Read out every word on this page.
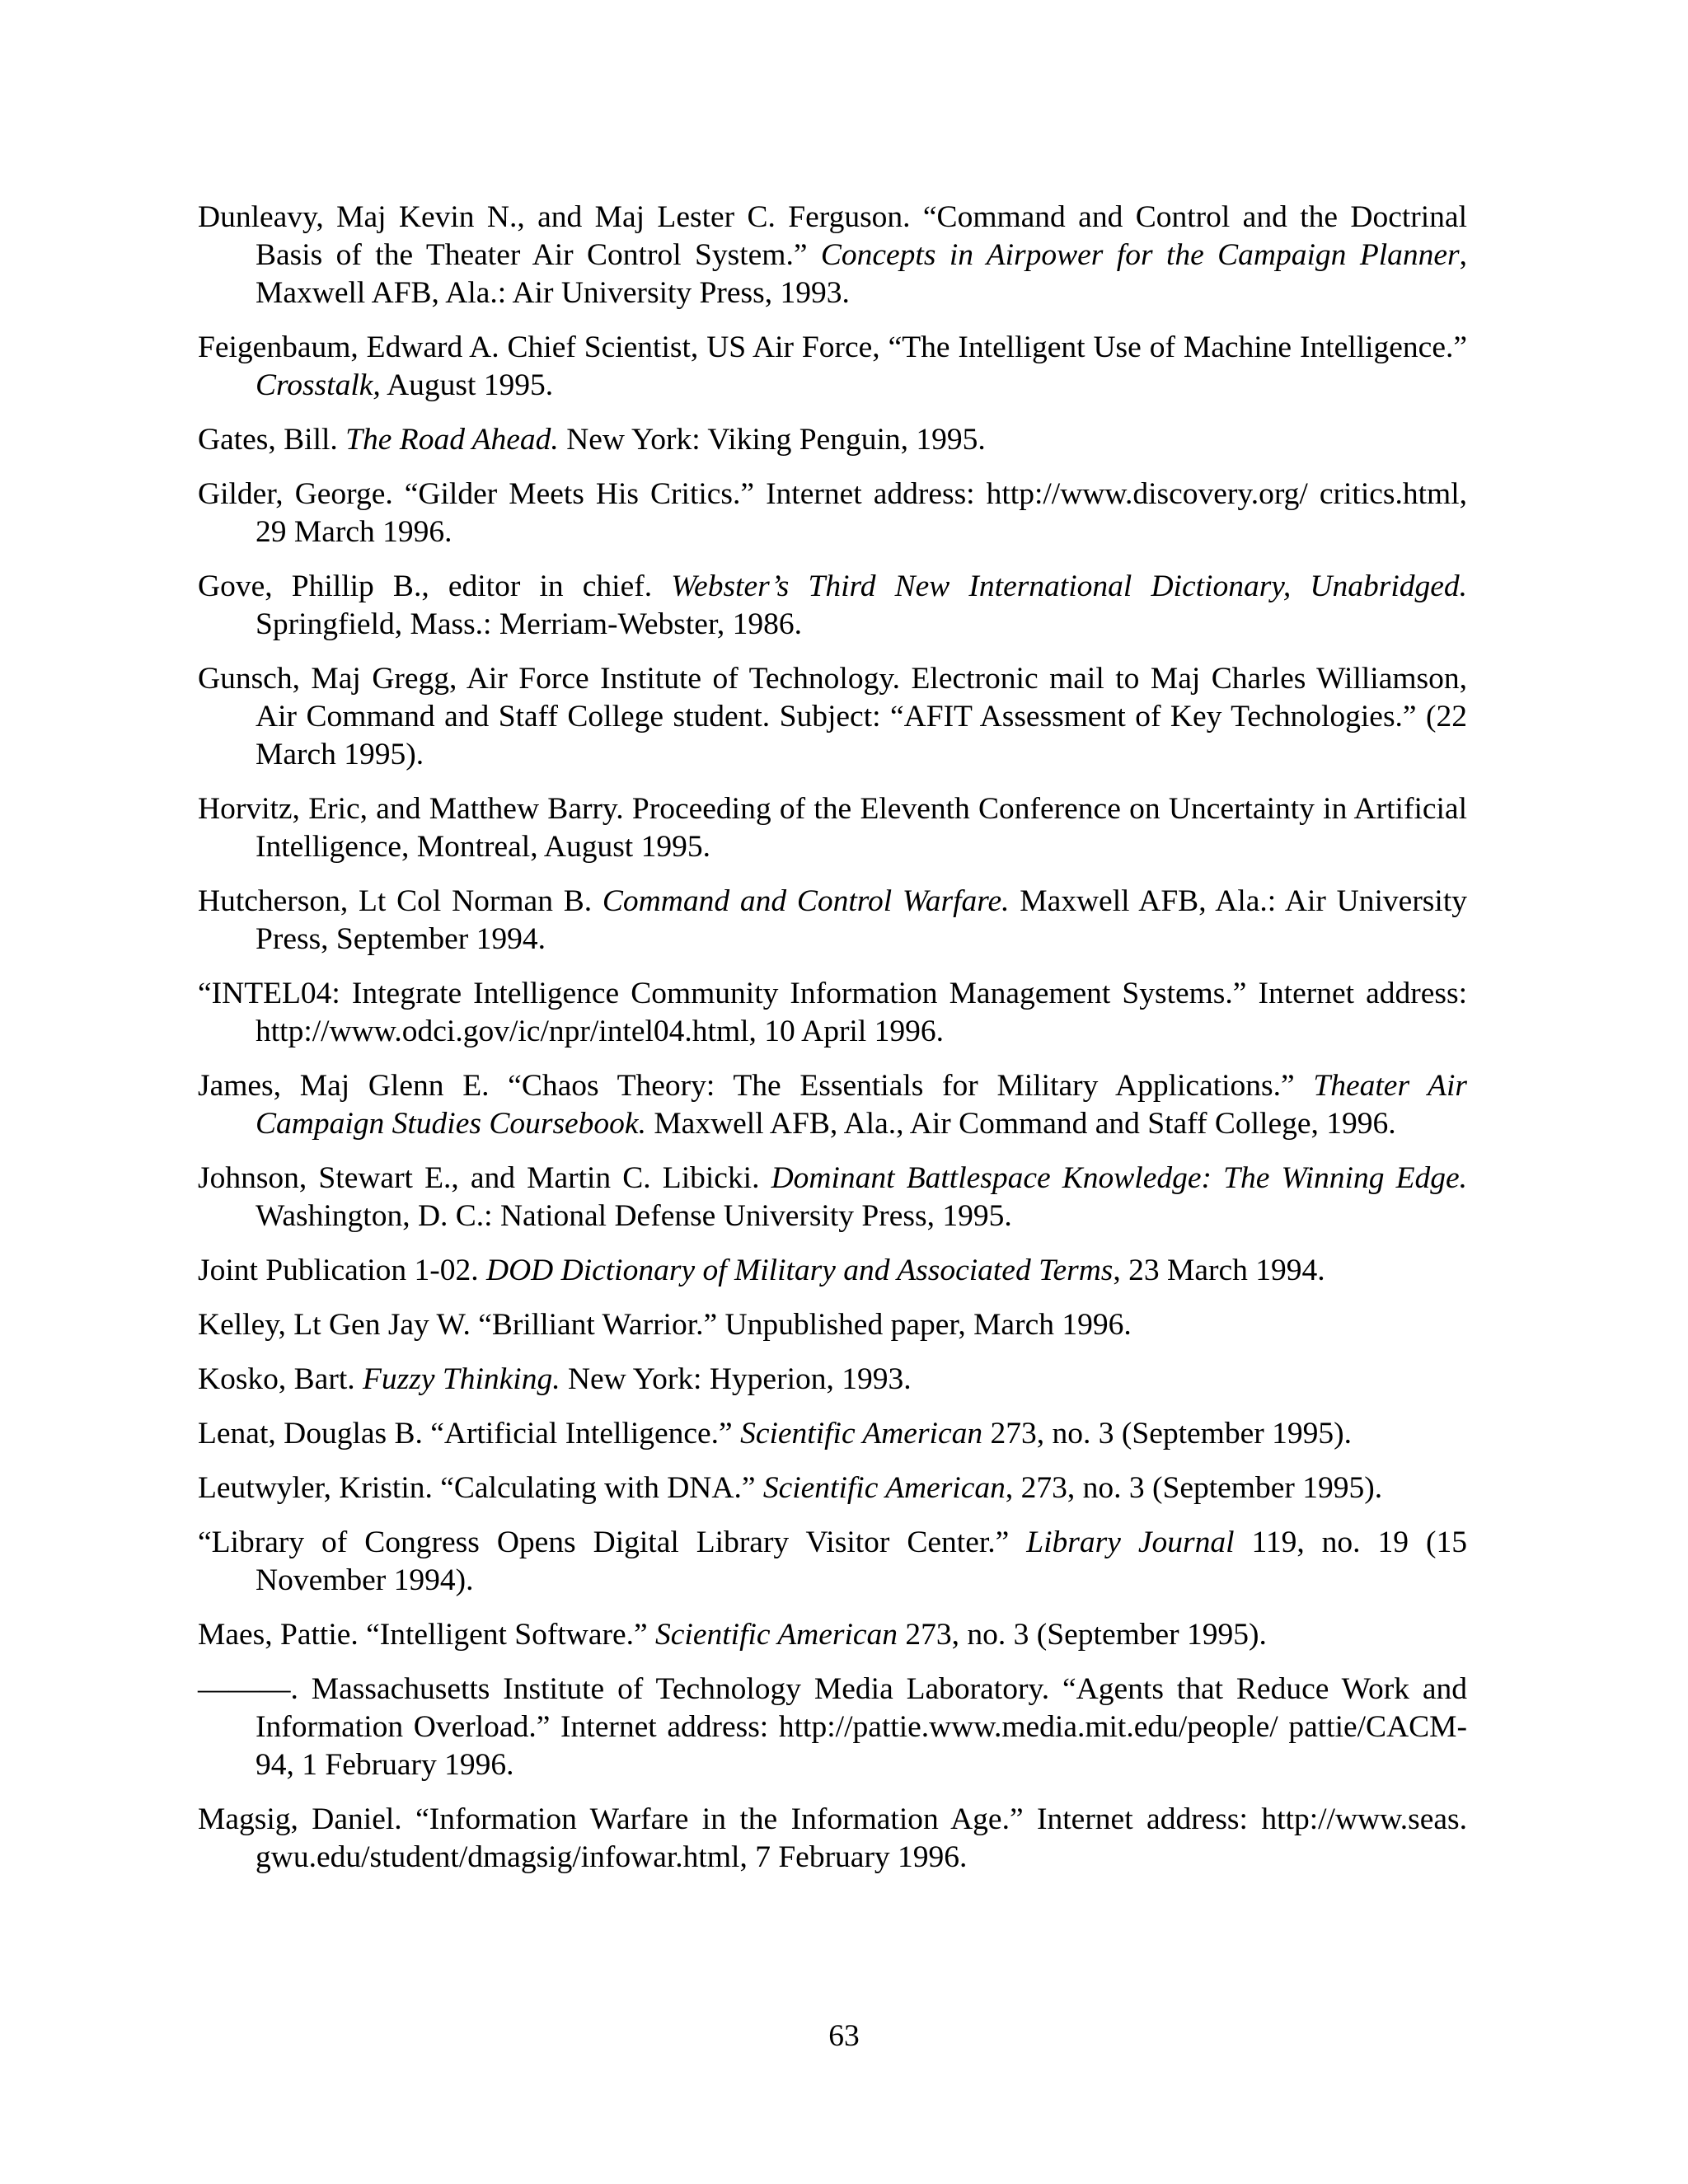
Dunleavy, Maj Kevin N., and Maj Lester C. Ferguson. “Command and Control and the Doctrinal Basis of the Theater Air Control System.” Concepts in Airpower for the Campaign Planner, Maxwell AFB, Ala.: Air University Press, 1993.

Feigenbaum, Edward A. Chief Scientist, US Air Force, “The Intelligent Use of Machine Intelligence.” Crosstalk, August 1995.

Gates, Bill. The Road Ahead. New York: Viking Penguin, 1995.

Gilder, George. “Gilder Meets His Critics.” Internet address: http://www.discovery.org/ critics.html, 29 March 1996.

Gove, Phillip B., editor in chief. Webster’s Third New International Dictionary, Unabridged. Springfield, Mass.: Merriam-Webster, 1986.

Gunsch, Maj Gregg, Air Force Institute of Technology. Electronic mail to Maj Charles Williamson, Air Command and Staff College student. Subject: “AFIT Assessment of Key Technologies.” (22 March 1995).

Horvitz, Eric, and Matthew Barry. Proceeding of the Eleventh Conference on Uncertainty in Artificial Intelligence, Montreal, August 1995.

Hutcherson, Lt Col Norman B. Command and Control Warfare. Maxwell AFB, Ala.: Air University Press, September 1994.

“INTEL04: Integrate Intelligence Community Information Management Systems.” Internet address: http://www.odci.gov/ic/npr/intel04.html, 10 April 1996.

James, Maj Glenn E. “Chaos Theory: The Essentials for Military Applications.” Theater Air Campaign Studies Coursebook. Maxwell AFB, Ala., Air Command and Staff College, 1996.

Johnson, Stewart E., and Martin C. Libicki. Dominant Battlespace Knowledge: The Winning Edge. Washington, D. C.: National Defense University Press, 1995.

Joint Publication 1-02. DOD Dictionary of Military and Associated Terms, 23 March 1994.

Kelley, Lt Gen Jay W. “Brilliant Warrior.” Unpublished paper, March 1996.

Kosko, Bart. Fuzzy Thinking. New York: Hyperion, 1993.

Lenat, Douglas B. “Artificial Intelligence.” Scientific American 273, no. 3 (September 1995).

Leutwyler, Kristin. “Calculating with DNA.” Scientific American, 273, no. 3 (September 1995).

“Library of Congress Opens Digital Library Visitor Center.” Library Journal 119, no. 19 (15 November 1994).

Maes, Pattie. “Intelligent Software.” Scientific American 273, no. 3 (September 1995).

———. Massachusetts Institute of Technology Media Laboratory. “Agents that Reduce Work and Information Overload.” Internet address: http://pattie.www.media.mit.edu/people/ pattie/CACM-94, 1 February 1996.

Magsig, Daniel. “Information Warfare in the Information Age.” Internet address: http://www.seas. gwu.edu/student/dmagsig/infowar.html, 7 February 1996.

63
